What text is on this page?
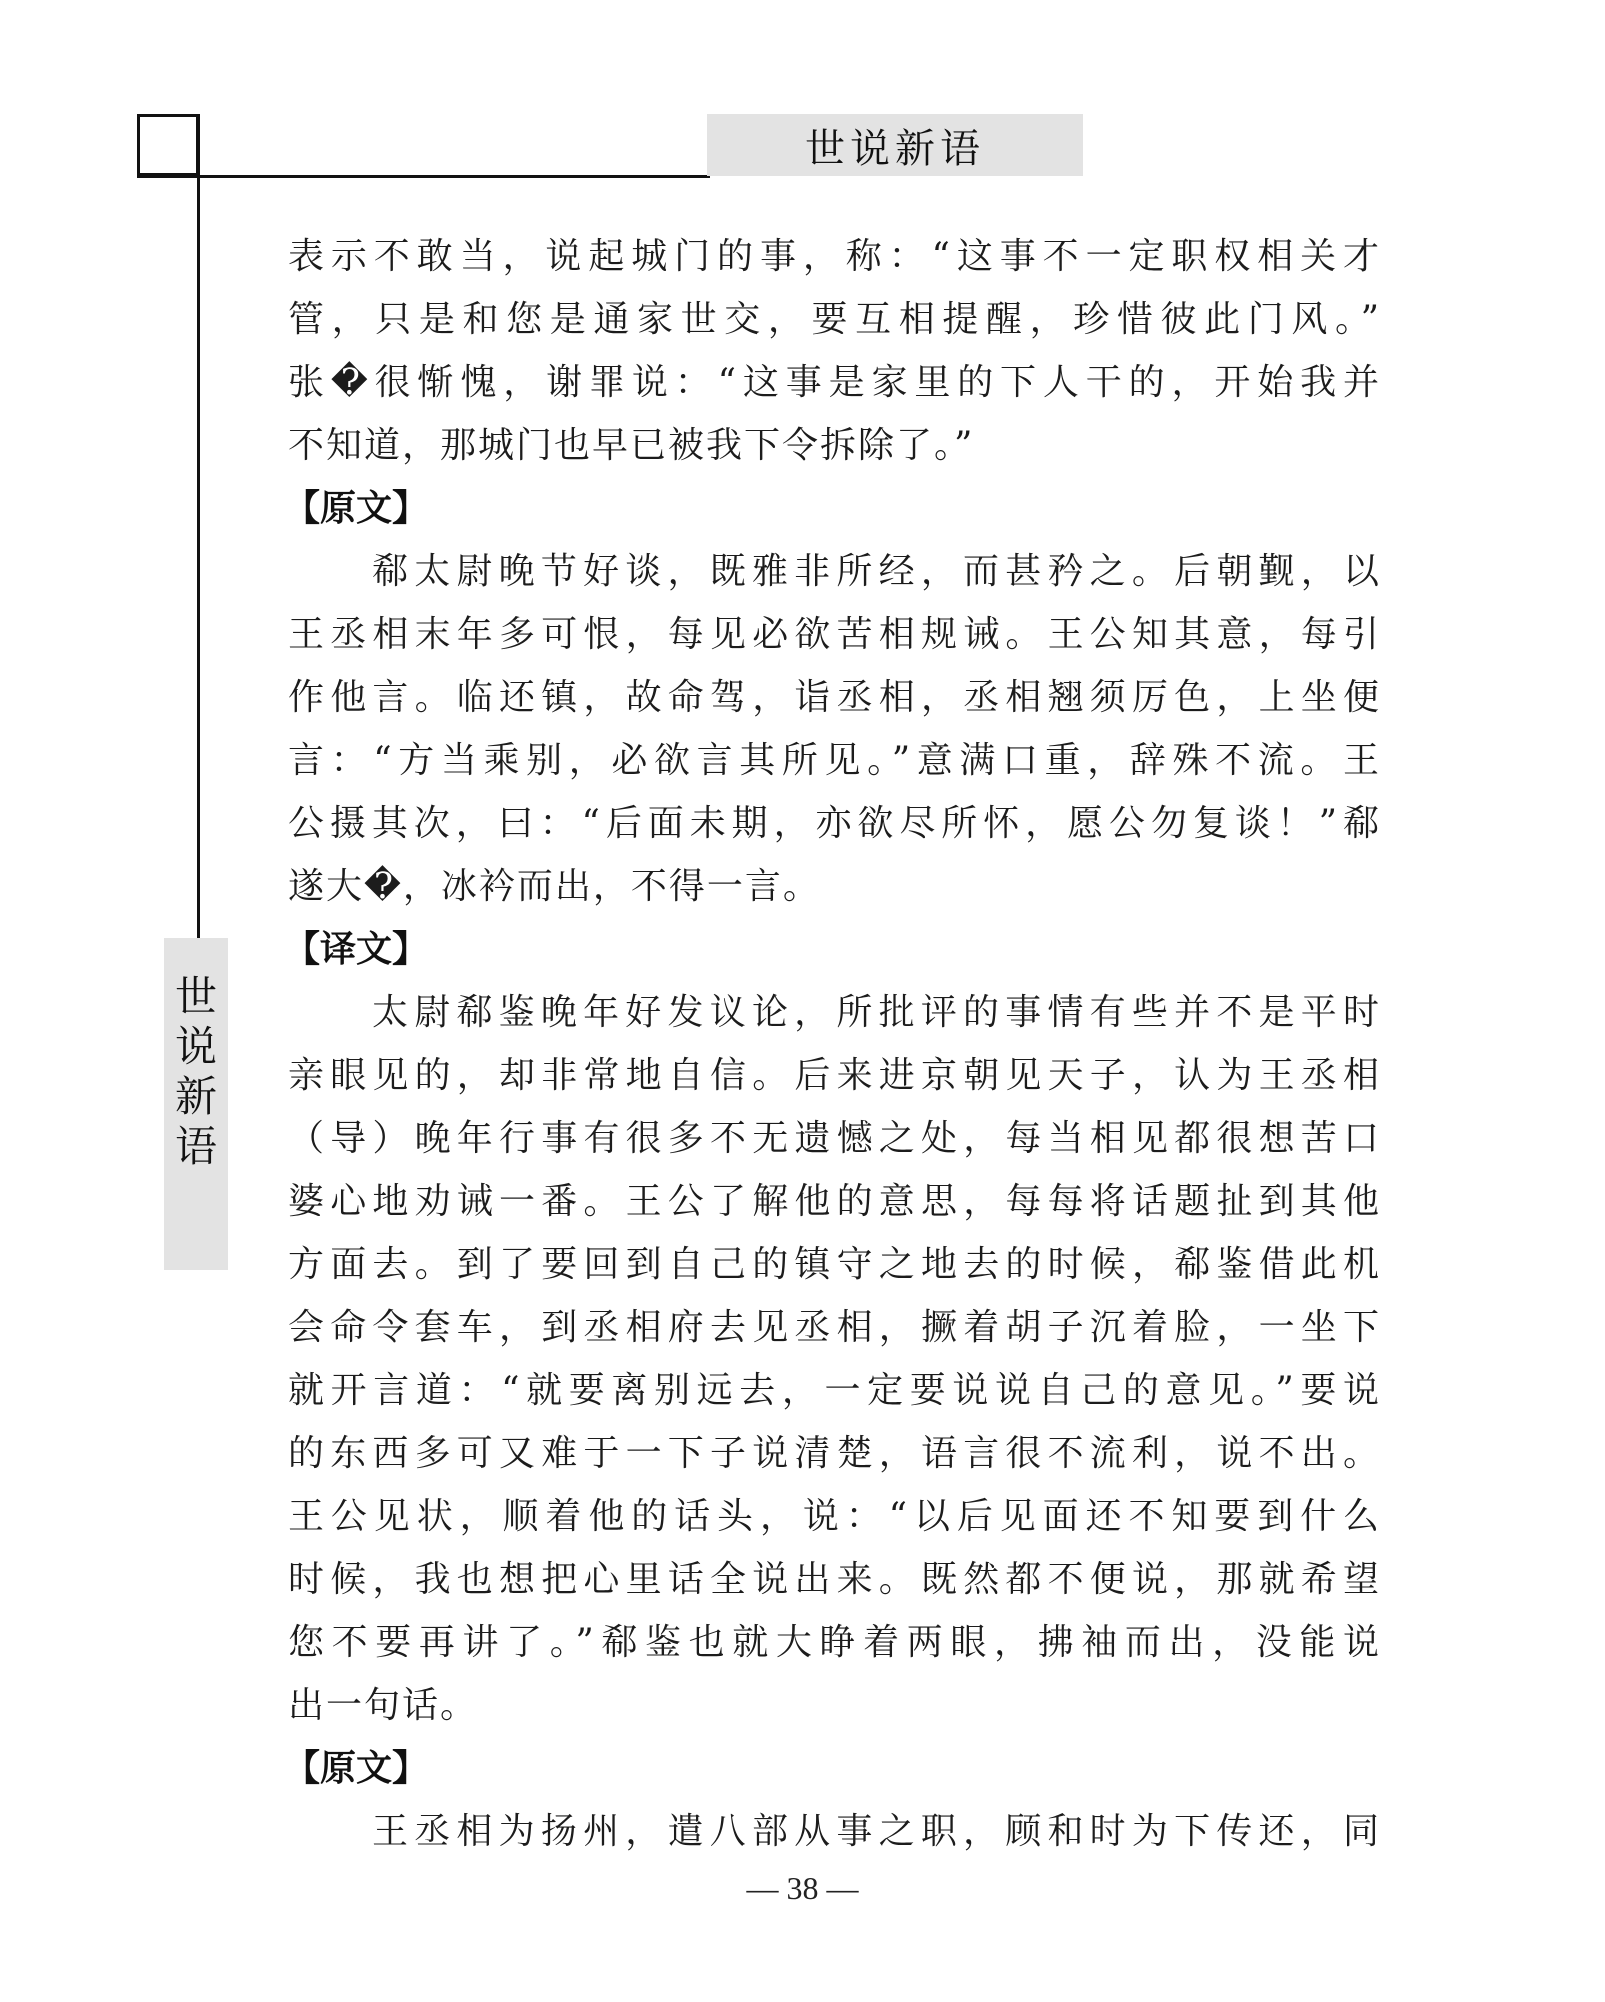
世说新语
世
说
新
语
表示不敢当，说起城门的事，称：“这事不一定职权相关才
管，只是和您是通家世交，要互相提醒，珍惜彼此门风。”
张�很惭愧，谢罪说：“这事是家里的下人干的，开始我并
不知道，那城门也早已被我下令拆除了。”
【原文】
郗太尉晚节好谈，既雅非所经，而甚矜之。后朝觐，以
王丞相末年多可恨，每见必欲苦相规诫。王公知其意，每引
作他言。临还镇，故命驾，诣丞相，丞相翘须厉色，上坐便
言：“方当乘别，必欲言其所见。”意满口重，辞殊不流。王
公摄其次，曰：“后面未期，亦欲尽所怀，愿公勿复谈！”郗
遂大�，冰衿而出，不得一言。
【译文】
太尉郗鉴晚年好发议论，所批评的事情有些并不是平时
亲眼见的，却非常地自信。后来进京朝见天子，认为王丞相
（导）晚年行事有很多不无遗憾之处，每当相见都很想苦口
婆心地劝诫一番。王公了解他的意思，每每将话题扯到其他
方面去。到了要回到自己的镇守之地去的时候，郗鉴借此机
会命令套车，到丞相府去见丞相，撅着胡子沉着脸，一坐下
就开言道：“就要离别远去，一定要说说自己的意见。”要说
的东西多可又难于一下子说清楚，语言很不流利，说不出。
王公见状，顺着他的话头，说：“以后见面还不知要到什么
时候，我也想把心里话全说出来。既然都不便说，那就希望
您不要再讲了。”郗鉴也就大睁着两眼，拂袖而出，没能说
出一句话。
【原文】
王丞相为扬州，遣八部从事之职，顾和时为下传还，同
— 38 —
